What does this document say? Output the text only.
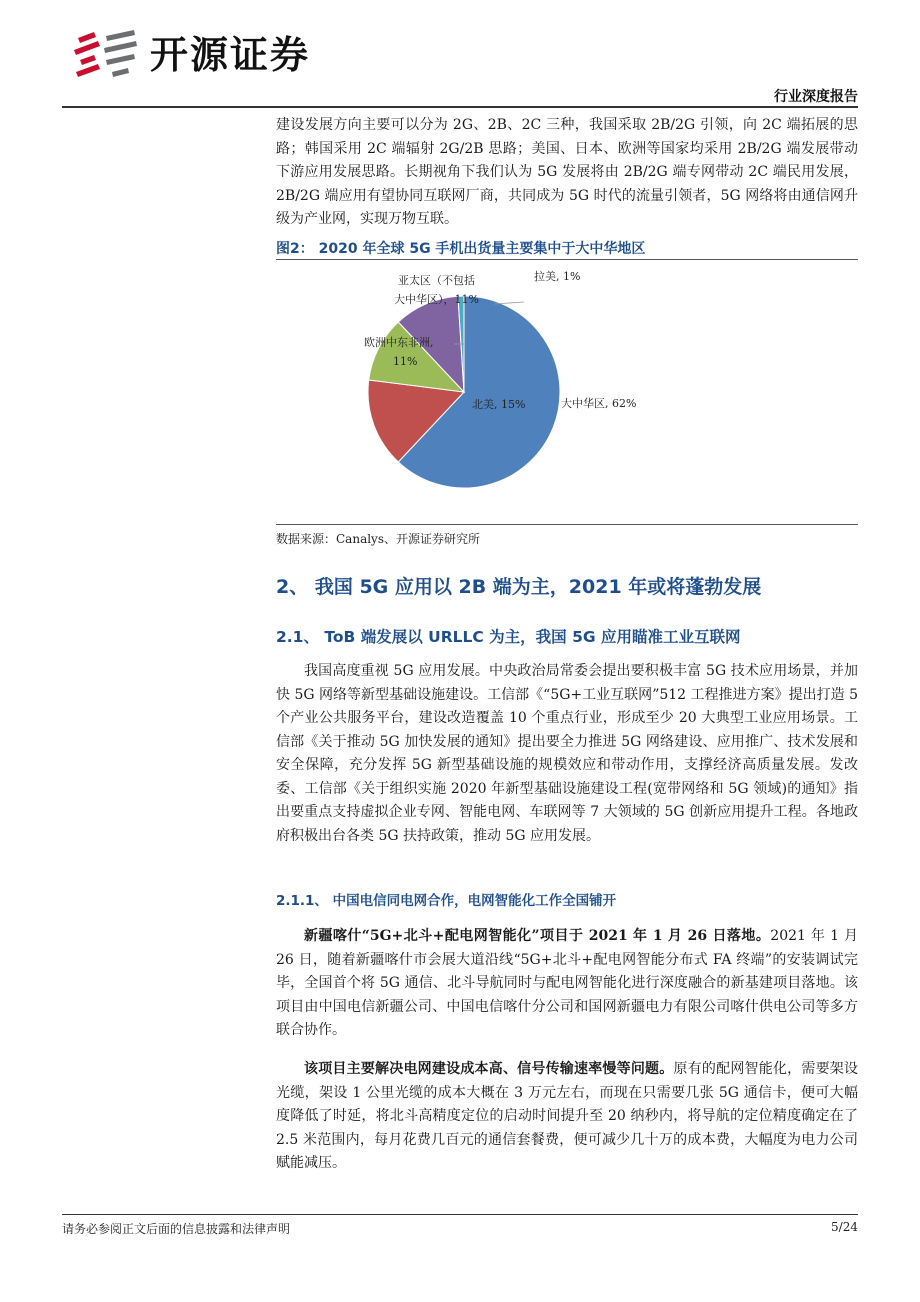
开源证券
行业深度报告

建设发展方向主要可以分为 2G、2B、2C 三种，我国采取 2B/2G 引领，向 2C 端拓展的思路；韩国采用 2C 端辐射 2G/2B 思路；美国、日本、欧洲等国家均采用 2B/2G 端发展带动下游应用发展思路。长期视角下我们认为 5G 发展将由 2B/2G 端专网带动 2C 端民用发展，2B/2G 端应用有望协同互联网厂商，共同成为 5G 时代的流量引领者，5G 网络将由通信网升级为产业网，实现万物互联。

图2： 2020 年全球 5G 手机出货量主要集中于大中华地区
大中华区, 62%
北美, 15%
欧洲中东非洲,
11%
亚太区（不包括
大中华区），11%
拉美, 1%
数据来源：Canalys、开源证券研究所
2、 我国 5G 应用以 2B 端为主，2021 年或将蓬勃发展
2.1、 ToB 端发展以 URLLC 为主，我国 5G 应用瞄准工业互联网

我国高度重视 5G 应用发展。中央政治局常委会提出要积极丰富 5G 技术应用场景，并加快 5G 网络等新型基础设施建设。工信部《“5G+工业互联网”512 工程推进方案》提出打造 5 个产业公共服务平台，建设改造覆盖 10 个重点行业，形成至少 20 大典型工业应用场景。工信部《关于推动 5G 加快发展的通知》提出要全力推进 5G 网络建设、应用推广、技术发展和安全保障，充分发挥 5G 新型基础设施的规模效应和带动作用，支撑经济高质量发展。发改委、工信部《关于组织实施 2020 年新型基础设施建设工程(宽带网络和 5G 领域)的通知》指出要重点支持虚拟企业专网、智能电网、车联网等 7 大领域的 5G 创新应用提升工程。各地政府积极出台各类 5G 扶持政策，推动 5G 应用发展。

2.1.1、 中国电信同电网合作，电网智能化工作全国铺开

新疆喀什“5G+北斗+配电网智能化”项目于 2021 年 1 月 26 日落地。2021 年 1 月 26 日，随着新疆喀什市会展大道沿线“5G+北斗+配电网智能分布式 FA 终端”的安装调试完毕，全国首个将 5G 通信、北斗导航同时与配电网智能化进行深度融合的新基建项目落地。该项目由中国电信新疆公司、中国电信喀什分公司和国网新疆电力有限公司喀什供电公司等多方联合协作。

该项目主要解决电网建设成本高、信号传输速率慢等问题。原有的配网智能化，需要架设光缆，架设 1 公里光缆的成本大概在 3 万元左右，而现在只需要几张 5G 通信卡，便可大幅度降低了时延，将北斗高精度定位的启动时间提升至 20 纳秒内，将导航的定位精度确定在了 2.5 米范围内，每月花费几百元的通信套餐费，便可减少几十万的成本费，大幅度为电力公司赋能减压。

请务必参阅正文后面的信息披露和法律声明	5/24
